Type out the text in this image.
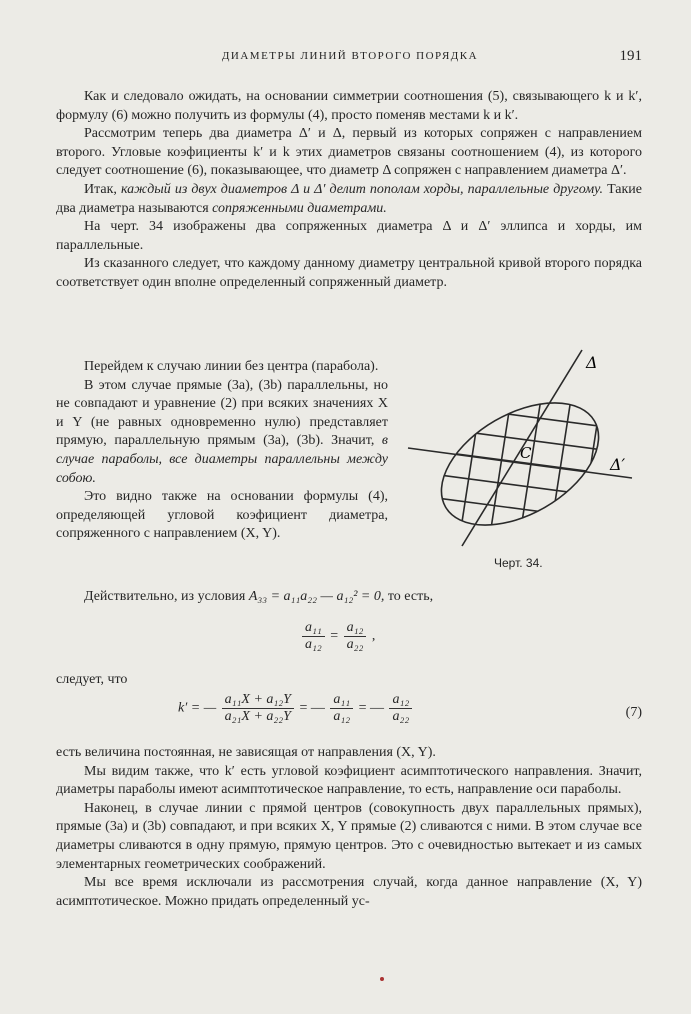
ДИАМЕТРЫ ЛИНИЙ ВТОРОГО ПОРЯДКА	191

Как и следовало ожидать, на основании симметрии соотношения (5), связывающего k и k′, формулу (6) можно получить из формулы (4), просто поменяв местами k и k′.

Рассмотрим теперь два диаметра Δ′ и Δ, первый из которых сопряжен с направлением второго. Угловые коэфициенты k′ и k этих диаметров связаны соотношением (4), из которого следует соотношение (6), показывающее, что диаметр Δ сопряжен с направлением диаметра Δ′.

Итак, каждый из двух диаметров Δ и Δ′ делит пополам хорды, параллельные другому. Такие два диаметра называются сопряженными диаметрами.

На черт. 34 изображены два сопряженных диаметра Δ и Δ′ эллипса и хорды, им параллельные.

Из сказанного следует, что каждому данному диаметру центральной кривой второго порядка соответствует один вполне определенный сопряженный диаметр.

Перейдем к случаю линии без центра (парабола).

В этом случае прямые (3a), (3b) параллельны, но не совпадают и уравнение (2) при всяких значениях X и Y (не равных одновременно нулю) представляет прямую, параллельную прямым (3a), (3b). Значит, в случае параболы, все диаметры параллельны между собою.

Это видно также на основании формулы (4), определяющей угловой коэфициент диаметра, сопряженного с направлением (X, Y).

Δ
Δ′
C
Черт. 34.
Действительно, из условия A₃₃ = a₁₁a₂₂ — a₁₂² = 0, то есть,
$\frac{\text{a₁₁}}{\text{a₁₂}} = \frac{\text{a₁₂}}{\text{a₂₂}}$ ,
следует, что
k′ = — $\frac{\text{a₁₁X + a₁₂Y}}{\text{a₂₁X + a₂₂Y}}$ = — $\frac{\text{a₁₁}}{\text{a₁₂}}$ = — $\frac{\text{a₁₂}}{\text{a₂₂}}$	(7)

есть величина постоянная, не зависящая от направления (X, Y).

Мы видим также, что k′ есть угловой коэфициент асимптотического направления. Значит, диаметры параболы имеют асимптотическое направление, то есть, направление оси параболы.

Наконец, в случае линии с прямой центров (совокупность двух параллельных прямых), прямые (3a) и (3b) совпадают, и при всяких X, Y прямые (2) сливаются с ними. В этом случае все диаметры сливаются в одну прямую, прямую центров. Это с очевидностью вытекает и из самых элементарных геометрических соображений.

Мы все время исключали из рассмотрения случай, когда данное направление (X, Y) асимптотическое. Можно придать определенный ус-
